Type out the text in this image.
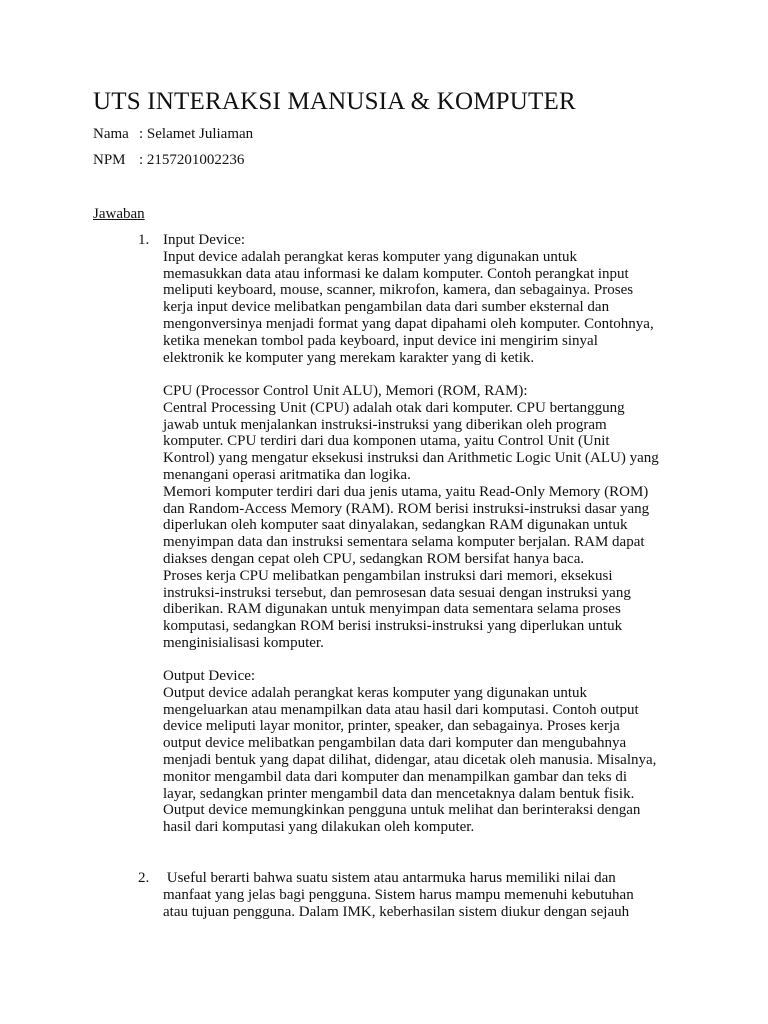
UTS INTERAKSI MANUSIA & KOMPUTER
Nama : Selamet Juliaman
NPM : 2157201002236
Jawaban
1. Input Device:
Input device adalah perangkat keras komputer yang digunakan untuk
memasukkan data atau informasi ke dalam komputer. Contoh perangkat input
meliputi keyboard, mouse, scanner, mikrofon, kamera, dan sebagainya. Proses
kerja input device melibatkan pengambilan data dari sumber eksternal dan
mengonversinya menjadi format yang dapat dipahami oleh komputer. Contohnya,
ketika menekan tombol pada keyboard, input device ini mengirim sinyal
elektronik ke komputer yang merekam karakter yang di ketik.
CPU (Processor Control Unit ALU), Memori (ROM, RAM):
Central Processing Unit (CPU) adalah otak dari komputer. CPU bertanggung
jawab untuk menjalankan instruksi-instruksi yang diberikan oleh program
komputer. CPU terdiri dari dua komponen utama, yaitu Control Unit (Unit
Kontrol) yang mengatur eksekusi instruksi dan Arithmetic Logic Unit (ALU) yang
menangani operasi aritmatika dan logika.
Memori komputer terdiri dari dua jenis utama, yaitu Read-Only Memory (ROM)
dan Random-Access Memory (RAM). ROM berisi instruksi-instruksi dasar yang
diperlukan oleh komputer saat dinyalakan, sedangkan RAM digunakan untuk
menyimpan data dan instruksi sementara selama komputer berjalan. RAM dapat
diakses dengan cepat oleh CPU, sedangkan ROM bersifat hanya baca.
Proses kerja CPU melibatkan pengambilan instruksi dari memori, eksekusi
instruksi-instruksi tersebut, dan pemrosesan data sesuai dengan instruksi yang
diberikan. RAM digunakan untuk menyimpan data sementara selama proses
komputasi, sedangkan ROM berisi instruksi-instruksi yang diperlukan untuk
menginisialisasi komputer.
Output Device:
Output device adalah perangkat keras komputer yang digunakan untuk
mengeluarkan atau menampilkan data atau hasil dari komputasi. Contoh output
device meliputi layar monitor, printer, speaker, dan sebagainya. Proses kerja
output device melibatkan pengambilan data dari komputer dan mengubahnya
menjadi bentuk yang dapat dilihat, didengar, atau dicetak oleh manusia. Misalnya,
monitor mengambil data dari komputer dan menampilkan gambar dan teks di
layar, sedangkan printer mengambil data dan mencetaknya dalam bentuk fisik.
Output device memungkinkan pengguna untuk melihat dan berinteraksi dengan
hasil dari komputasi yang dilakukan oleh komputer.
2. Useful berarti bahwa suatu sistem atau antarmuka harus memiliki nilai dan
manfaat yang jelas bagi pengguna. Sistem harus mampu memenuhi kebutuhan
atau tujuan pengguna. Dalam IMK, keberhasilan sistem diukur dengan sejauh
